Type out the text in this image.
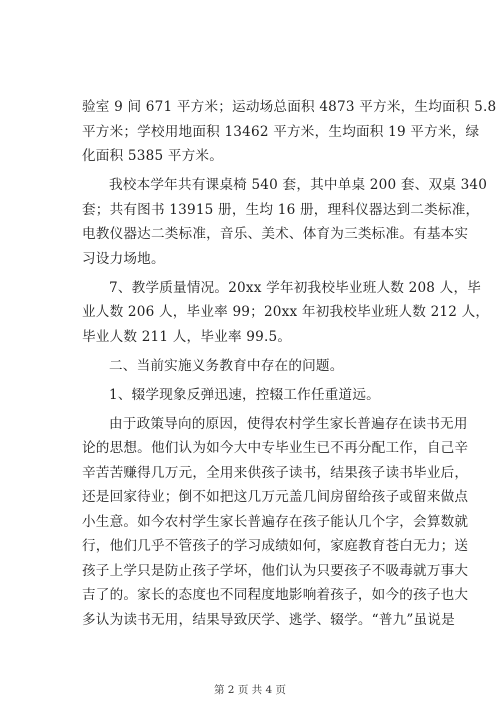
验室 9 间 671 平方米；运动场总面积 4873 平方米，生均面积 5.8
平方米；学校用地面积 13462 平方米，生均面积 19 平方米，绿
化面积 5385 平方米。
我校本学年共有课桌椅 540 套，其中单桌 200 套、双桌 340
套；共有图书 13915 册，生均 16 册，理科仪器达到二类标准，
电教仪器达二类标准，音乐、美术、体育为三类标准。有基本实
习设力场地。
7、教学质量情况。20xx 学年初我校毕业班人数 208 人，毕
业人数 206 人，毕业率 99；20xx 年初我校毕业班人数 212 人，
毕业人数 211 人，毕业率 99.5。
二、当前实施义务教育中存在的问题。
1、辍学现象反弹迅速，控辍工作任重道远。
由于政策导向的原因，使得农村学生家长普遍存在读书无用
论的思想。他们认为如今大中专毕业生已不再分配工作，自己辛
辛苦苦赚得几万元，全用来供孩子读书，结果孩子读书毕业后，
还是回家待业；倒不如把这几万元盖几间房留给孩子或留来做点
小生意。如今农村学生家长普遍存在孩子能认几个字，会算数就
行，他们几乎不管孩子的学习成绩如何，家庭教育苍白无力；送
孩子上学只是防止孩子学坏，他们认为只要孩子不吸毒就万事大
吉了的。家长的态度也不同程度地影响着孩子，如今的孩子也大
多认为读书无用，结果导致厌学、逃学、辍学。“普九”虽说是
第 2 页 共 4 页
